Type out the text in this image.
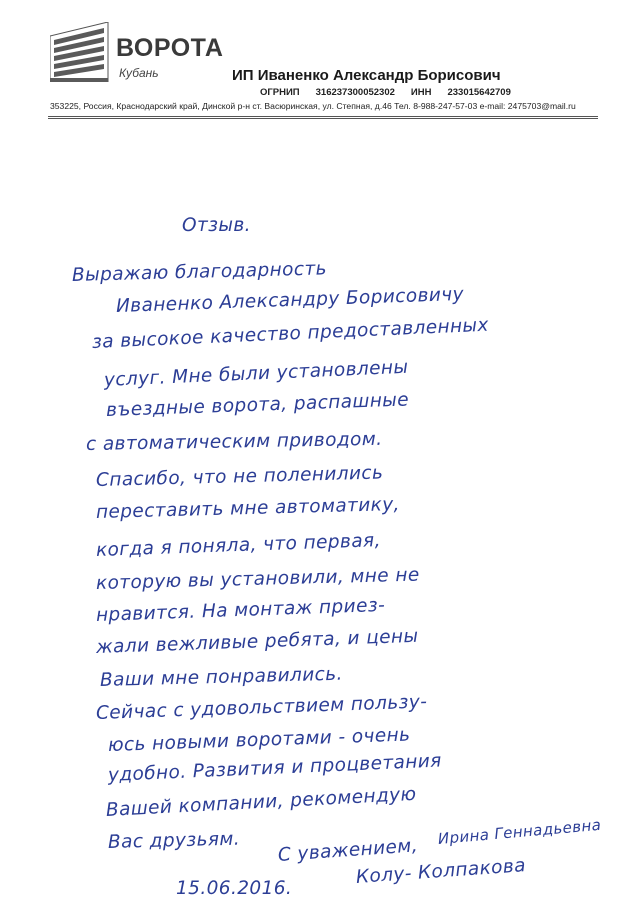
ВОРОТА
Кубань	ИП Иваненко Александр Борисович
ОГРНИП 316237300052302 ИНН 233015642709
353225, Россия, Краснодарский край, Динской р-н ст. Васюринская, ул. Степная, д.46 Тел. 8-988-247-57-03 e-mail: 2475703@mail.ru
Отзыв.
Выражаю благодарность
Иваненко Александру Борисовичу
за высокое качество предоставленных
услуг. Мне были установлены
въездные ворота, распашные
с автоматическим приводом.
Спасибо, что не поленились
переставить мне автоматику,
когда я поняла, что первая,
которую вы установили, мне не
нравится. На монтаж приез-
жали вежливые ребята, и цены
Ваши мне понравились.
Сейчас с удовольствием пользу-
юсь новыми воротами - очень
удобно. Развития и процветания
Вашей компании, рекомендую
Вас друзьям. С уважением,
Ирина Геннадьевна
15.06.2016.
Колу- Колпакова
